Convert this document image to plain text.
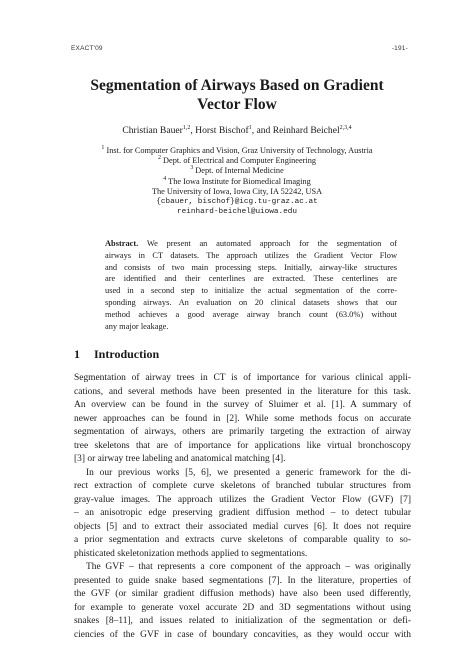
EXACT'09	-191-
Segmentation of Airways Based on Gradient
Vector Flow
Christian Bauer$^{1,2}$, Horst Bischof$^1$, and Reinhard Beichel$^{2,3,4}$
$^1$ Inst. for Computer Graphics and Vision, Graz University of Technology, Austria
$^2$ Dept. of Electrical and Computer Engineering
$^3$ Dept. of Internal Medicine
$^4$ The Iowa Institute for Biomedical Imaging
The University of Iowa, Iowa City, IA 52242, USA
{cbauer, bischof}@icg.tu-graz.ac.at
reinhard-beichel@uiowa.edu
Abstract. We present an automated approach for the segmentation of
airways in CT datasets. The approach utilizes the Gradient Vector Flow
and consists of two main processing steps. Initially, airway-like structures
are identified and their centerlines are extracted. These centerlines are
used in a second step to initialize the actual segmentation of the corre-
sponding airways. An evaluation on 20 clinical datasets shows that our
method achieves a good average airway branch count (63.0%) without
any major leakage.
1 Introduction
Segmentation of airway trees in CT is of importance for various clinical appli-
cations, and several methods have been presented in the literature for this task.
An overview can be found in the survey of Sluimer et al. [1]. A summary of
newer approaches can be found in [2]. While some methods focus on accurate
segmentation of airways, others are primarily targeting the extraction of airway
tree skeletons that are of importance for applications like virtual bronchoscopy
[3] or airway tree labeling and anatomical matching [4].
In our previous works [5, 6], we presented a generic framework for the di-
rect extraction of complete curve skeletons of branched tubular structures from
gray-value images. The approach utilizes the Gradient Vector Flow (GVF) [7]
– an anisotropic edge preserving gradient diffusion method – to detect tubular
objects [5] and to extract their associated medial curves [6]. It does not require
a prior segmentation and extracts curve skeletons of comparable quality to so-
phisticated skeletonization methods applied to segmentations.
The GVF – that represents a core component of the approach – was originally
presented to guide snake based segmentations [7]. In the literature, properties of
the GVF (or similar gradient diffusion methods) have also been used differently,
for example to generate voxel accurate 2D and 3D segmentations without using
snakes [8–11], and issues related to initialization of the segmentation or defi-
ciencies of the GVF in case of boundary concavities, as they would occur with
